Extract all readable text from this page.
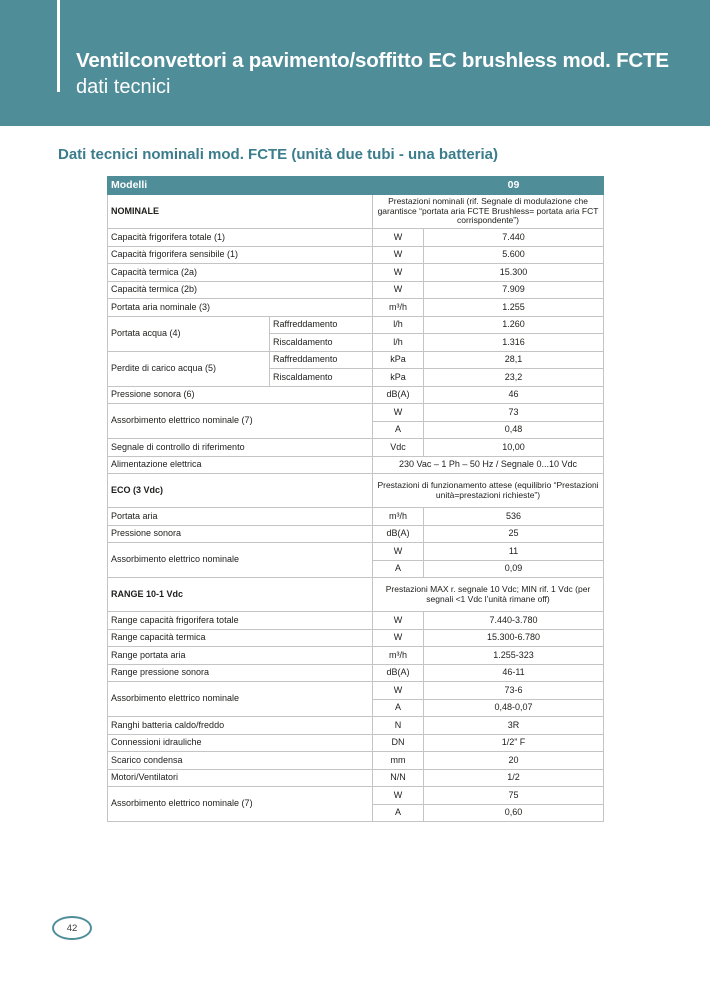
Ventilconvettori a pavimento/soffitto EC brushless mod. FCTE
dati tecnici
Dati tecnici nominali mod. FCTE (unità due tubi - una batteria)
Modelli			09
NOMINALE		Prestazioni nominali (rif. Segnale di modulazione che garantisce “portata aria FCTE Brushless= portata aria FCT corrispondente”)	
Capacità frigorifera totale (1)		W	7.440
Capacità frigorifera sensibile (1)		W	5.600
Capacità termica (2a)		W	15.300
Capacità termica (2b)		W	7.909
Portata aria nominale (3)		m³/h	1.255
Portata acqua (4)	Raffreddamento	l/h	1.260
	Riscaldamento	l/h	1.316
Perdite di carico acqua (5)	Raffreddamento	kPa	28,1
	Riscaldamento	kPa	23,2
Pressione sonora (6)		dB(A)	46
Assorbimento elettrico nominale (7)		W	73
		A	0,48
Segnale di controllo di riferimento		Vdc	10,00
Alimentazione elettrica		230 Vac – 1 Ph – 50 Hz / Segnale 0...10 Vdc	
ECO (3 Vdc)		Prestazioni di funzionamento attese (equilibrio “Prestazioni unità=prestazioni richieste”)	
Portata aria		m³/h	536
Pressione sonora		dB(A)	25
Assorbimento elettrico nominale		W	11
		A	0,09
RANGE 10-1 Vdc		Prestazioni MAX r. segnale 10 Vdc; MIN rif. 1 Vdc (per segnali <1 Vdc l’unità rimane off)	
Range capacità frigorifera totale		W	7.440-3.780
Range capacità termica		W	15.300-6.780
Range portata aria		m³/h	1.255-323
Range pressione sonora		dB(A)	46-11
Assorbimento elettrico nominale		W	73-6
		A	0,48-0,07
Ranghi batteria caldo/freddo		N	3R
Connessioni idrauliche		DN	1/2” F
Scarico condensa		mm	20
Motori/Ventilatori		N/N	1/2
Assorbimento elettrico nominale (7)		W	75
		A	0,60
42
